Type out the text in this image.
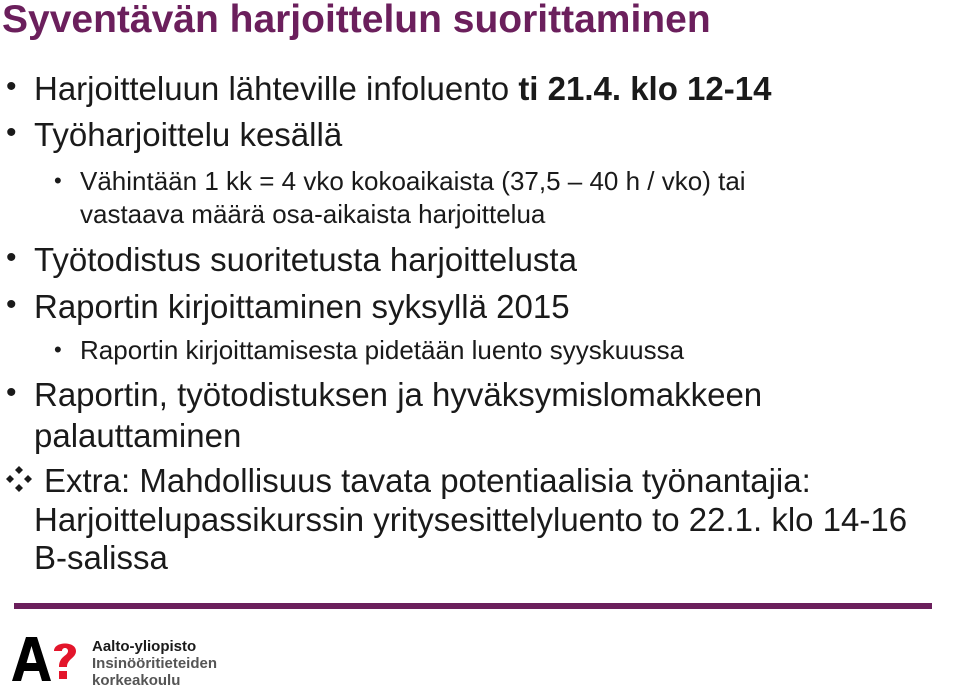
Syventävän harjoittelun suorittaminen
• Harjoitteluun lähteville infoluento ti 21.4. klo 12-14
• Työharjoittelu kesällä
• Vähintään 1 kk = 4 vko kokoaikaista (37,5 – 40 h / vko) tai
vastaava määrä osa-aikaista harjoittelua
• Työtodistus suoritetusta harjoittelusta
• Raportin kirjoittaminen syksyllä 2015
• Raportin kirjoittamisesta pidetään luento syyskuussa
• Raportin, työtodistuksen ja hyväksymislomakkeen
palauttaminen
Extra: Mahdollisuus tavata potentiaalisia työnantajia:
Harjoittelupassikurssin yritysesittelyluento to 22.1. klo 14-16
B-salissa
Aalto-yliopisto
Insinööritieteiden
korkeakoulu
